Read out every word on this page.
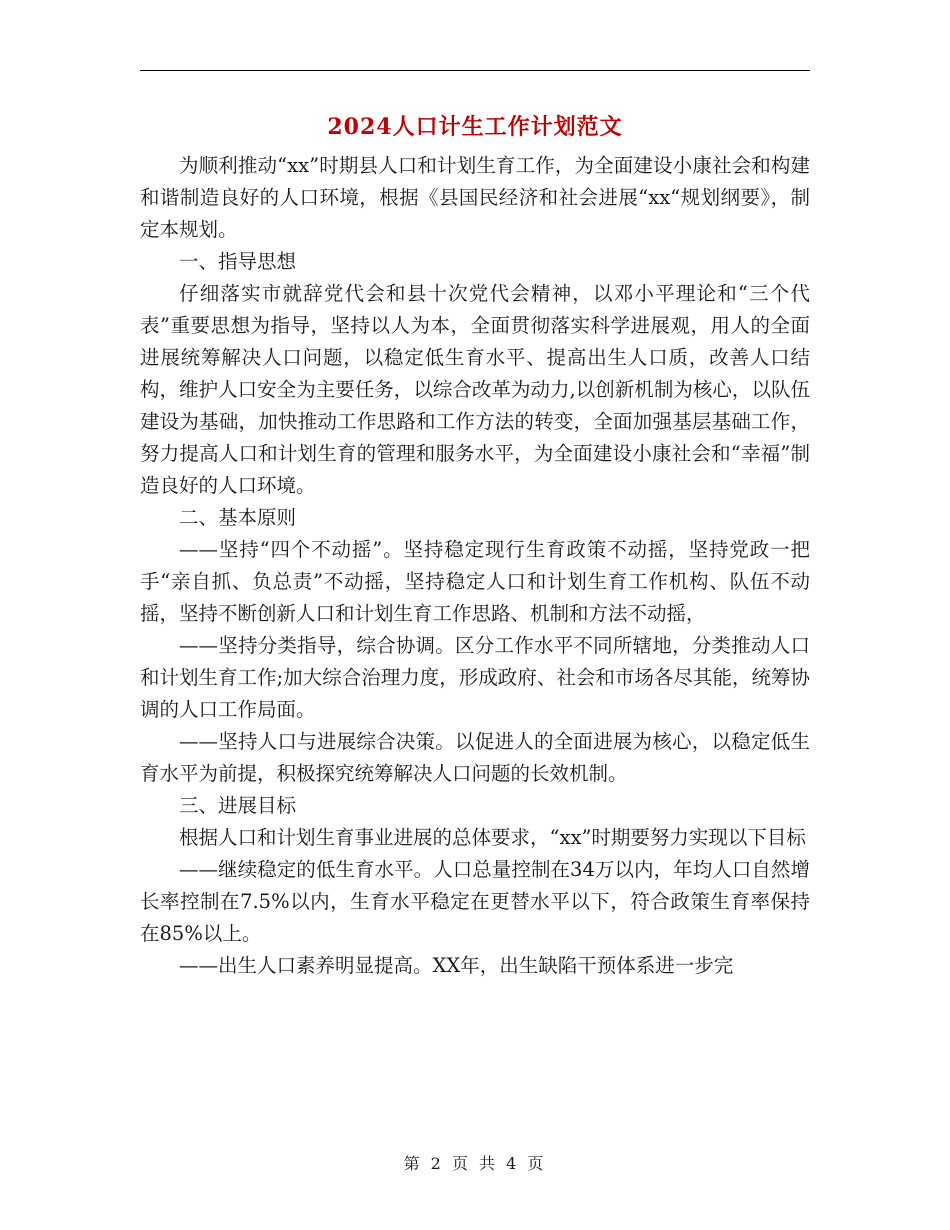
2024人口计生工作计划范文

为顺利推动“xx”时期县人口和计划生育工作，为全面建设小康社会和构建和谐制造良好的人口环境，根据《县国民经济和社会进展“xx“规划纲要》，制定本规划。

一、指导思想

仔细落实市就辞党代会和县十次党代会精神，以邓小平理论和“三个代表”重要思想为指导，坚持以人为本，全面贯彻落实科学进展观，用人的全面进展统筹解决人口问题，以稳定低生育水平、提高出生人口质，改善人口结构，维护人口安全为主要任务，以综合改革为动力,以创新机制为核心，以队伍建设为基础，加快推动工作思路和工作方法的转变，全面加强基层基础工作，努力提高人口和计划生育的管理和服务水平，为全面建设小康社会和“幸福”制造良好的人口环境。

二、基本原则

——坚持“四个不动摇”。坚持稳定现行生育政策不动摇，坚持党政一把手“亲自抓、负总责”不动摇，坚持稳定人口和计划生育工作机构、队伍不动摇，坚持不断创新人口和计划生育工作思路、机制和方法不动摇，

——坚持分类指导，综合协调。区分工作水平不同所辖地，分类推动人口和计划生育工作;加大综合治理力度，形成政府、社会和市场各尽其能，统筹协调的人口工作局面。

——坚持人口与进展综合决策。以促进人的全面进展为核心，以稳定低生育水平为前提，积极探究统筹解决人口问题的长效机制。

三、进展目标

根据人口和计划生育事业进展的总体要求，“xx”时期要努力实现以下目标

——继续稳定的低生育水平。人口总量控制在34万以内，年均人口自然增长率控制在7.5%以内，生育水平稳定在更替水平以下，符合政策生育率保持在85%以上。

——出生人口素养明显提高。XX年，出生缺陷干预体系进一步完

第 2 页 共 4 页
